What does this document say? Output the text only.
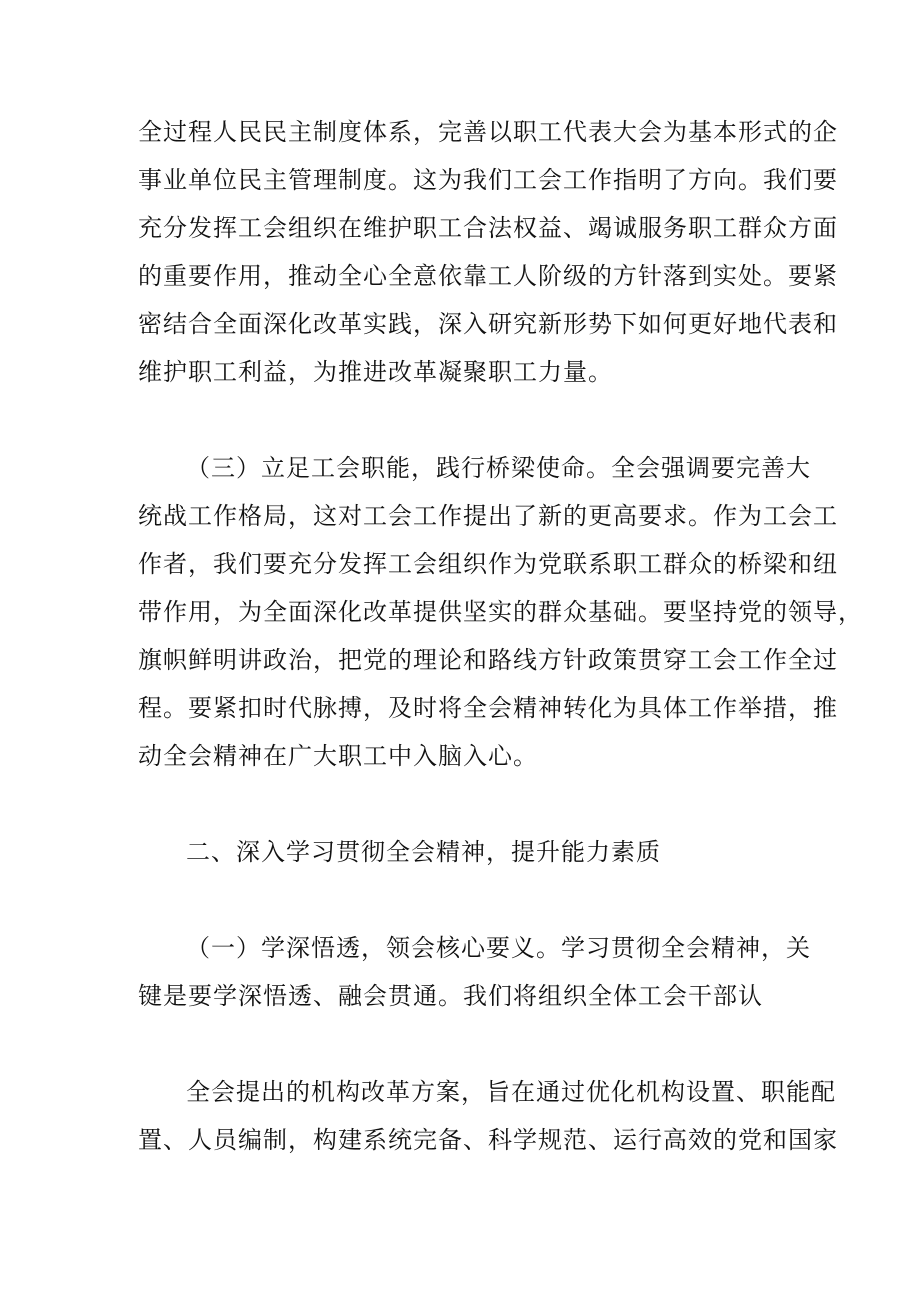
全过程人民民主制度体系，完善以职工代表大会为基本形式的企
事业单位民主管理制度。这为我们工会工作指明了方向。我们要
充分发挥工会组织在维护职工合法权益、竭诚服务职工群众方面
的重要作用，推动全心全意依靠工人阶级的方针落到实处。要紧
密结合全面深化改革实践，深入研究新形势下如何更好地代表和
维护职工利益，为推进改革凝聚职工力量。
（三）立足工会职能，践行桥梁使命。全会强调要完善大
统战工作格局，这对工会工作提出了新的更高要求。作为工会工
作者，我们要充分发挥工会组织作为党联系职工群众的桥梁和纽
带作用，为全面深化改革提供坚实的群众基础。要坚持党的领导，
旗帜鲜明讲政治，把党的理论和路线方针政策贯穿工会工作全过
程。要紧扣时代脉搏，及时将全会精神转化为具体工作举措，推
动全会精神在广大职工中入脑入心。
二、深入学习贯彻全会精神，提升能力素质
（一）学深悟透，领会核心要义。学习贯彻全会精神，关
键是要学深悟透、融会贯通。我们将组织全体工会干部认
全会提出的机构改革方案，旨在通过优化机构设置、职能配
置、人员编制，构建系统完备、科学规范、运行高效的党和国家
